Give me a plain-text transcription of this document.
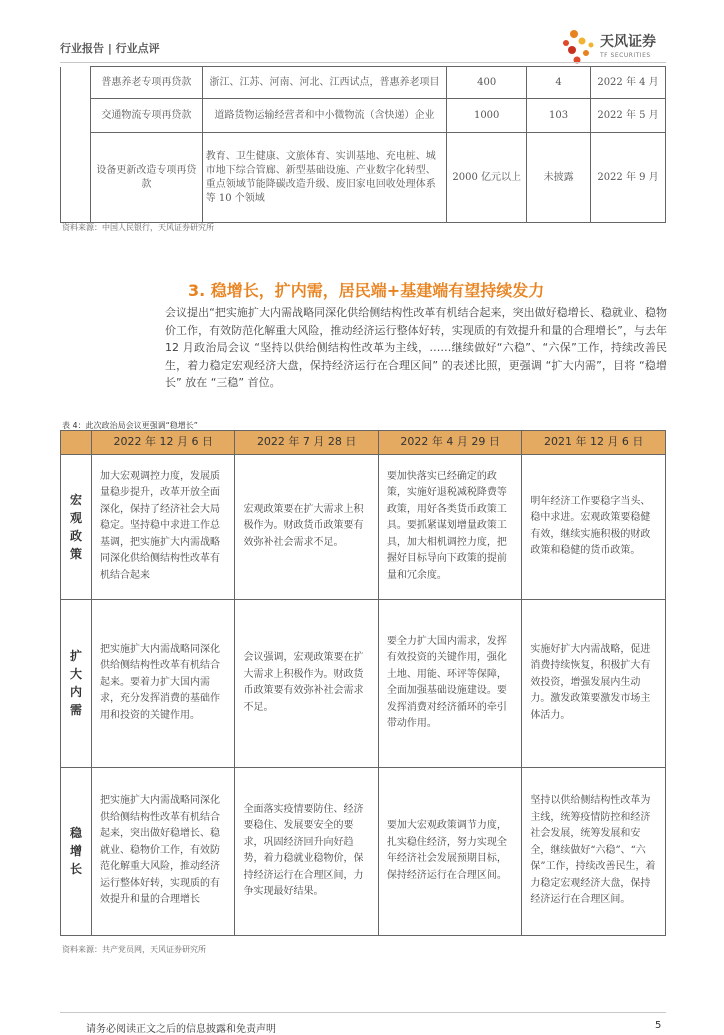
行业报告 | 行业点评	天风证券
TF SECURITIES
	普惠养老专项再贷款	浙江、江苏、河南、河北、江西试点，普惠养老项目	400	4	2022 年 4 月
	交通物流专项再贷款	道路货物运输经营者和中小微物流（含快递）企业	1000	103	2022 年 5 月
	设备更新改造专项再贷款	教育、卫生健康、文旅体育、实训基地、充电桩、城市地下综合管廊、新型基础设施、产业数字化转型、重点领域节能降碳改造升级、废旧家电回收处理体系等 10 个领域	2000 亿元以上	未披露	2022 年 9 月
资料来源：中国人民银行，天风证券研究所
3. 稳增长，扩内需，居民端+基建端有望持续发力
会议提出“把实施扩大内需战略同深化供给侧结构性改革有机结合起来，突出做好稳增长、稳就业、稳物价工作，有效防范化解重大风险，推动经济运行整体好转，实现质的有效提升和量的合理增长”，与去年 12 月政治局会议 “坚持以供给侧结构性改革为主线，……继续做好“六稳”、“六保”工作，持续改善民生，着力稳定宏观经济大盘，保持经济运行在合理区间” 的表述比照，更强调 “扩大内需”，目将 “稳增长” 放在 “三稳” 首位。
表 4：此次政治局会议更强调“稳增长”
	2022 年 12 月 6 日	2022 年 7 月 28 日	2022 年 4 月 29 日	2021 年 12 月 6 日
宏观政策	加大宏观调控力度，发展质量稳步提升，改革开放全面深化，保持了经济社会大局稳定。坚持稳中求进工作总基调，把实施扩大内需战略同深化供给侧结构性改革有机结合起来	宏观政策要在扩大需求上积极作为。财政货币政策要有效弥补社会需求不足。	要加快落实已经确定的政策，实施好退税减税降费等政策，用好各类货币政策工具。要抓紧谋划增量政策工具，加大相机调控力度，把握好目标导向下政策的提前量和冗余度。	明年经济工作要稳字当头、稳中求进。宏观政策要稳健有效，继续实施积极的财政政策和稳健的货币政策。
扩大内需	把实施扩大内需战略同深化供给侧结构性改革有机结合起来。要着力扩大国内需求，充分发挥消费的基础作用和投资的关键作用。	会议强调，宏观政策要在扩大需求上积极作为。财政货币政策要有效弥补社会需求不足。	要全力扩大国内需求，发挥有效投资的关键作用，强化土地、用能、环评等保障，全面加强基础设施建设。要发挥消费对经济循环的牵引带动作用。	实施好扩大内需战略，促进消费持续恢复，积极扩大有效投资，增强发展内生动力。激发政策要激发市场主体活力。
稳增长	把实施扩大内需战略同深化供给侧结构性改革有机结合起来，突出做好稳增长、稳就业、稳物价工作，有效防范化解重大风险，推动经济运行整体好转，实现质的有效提升和量的合理增长	全面落实疫情要防住、经济要稳住、发展要安全的要求，巩固经济回升向好趋势，着力稳就业稳物价，保持经济运行在合理区间，力争实现最好结果。	要加大宏观政策调节力度，扎实稳住经济，努力实现全年经济社会发展预期目标，保持经济运行在合理区间。	坚持以供给侧结构性改革为主线，统筹疫情防控和经济社会发展，统筹发展和安全，继续做好“六稳”、“六保”工作，持续改善民生，着力稳定宏观经济大盘，保持经济运行在合理区间。
资料来源：共产党员网，天风证券研究所
请务必阅读正文之后的信息披露和免责声明	5
